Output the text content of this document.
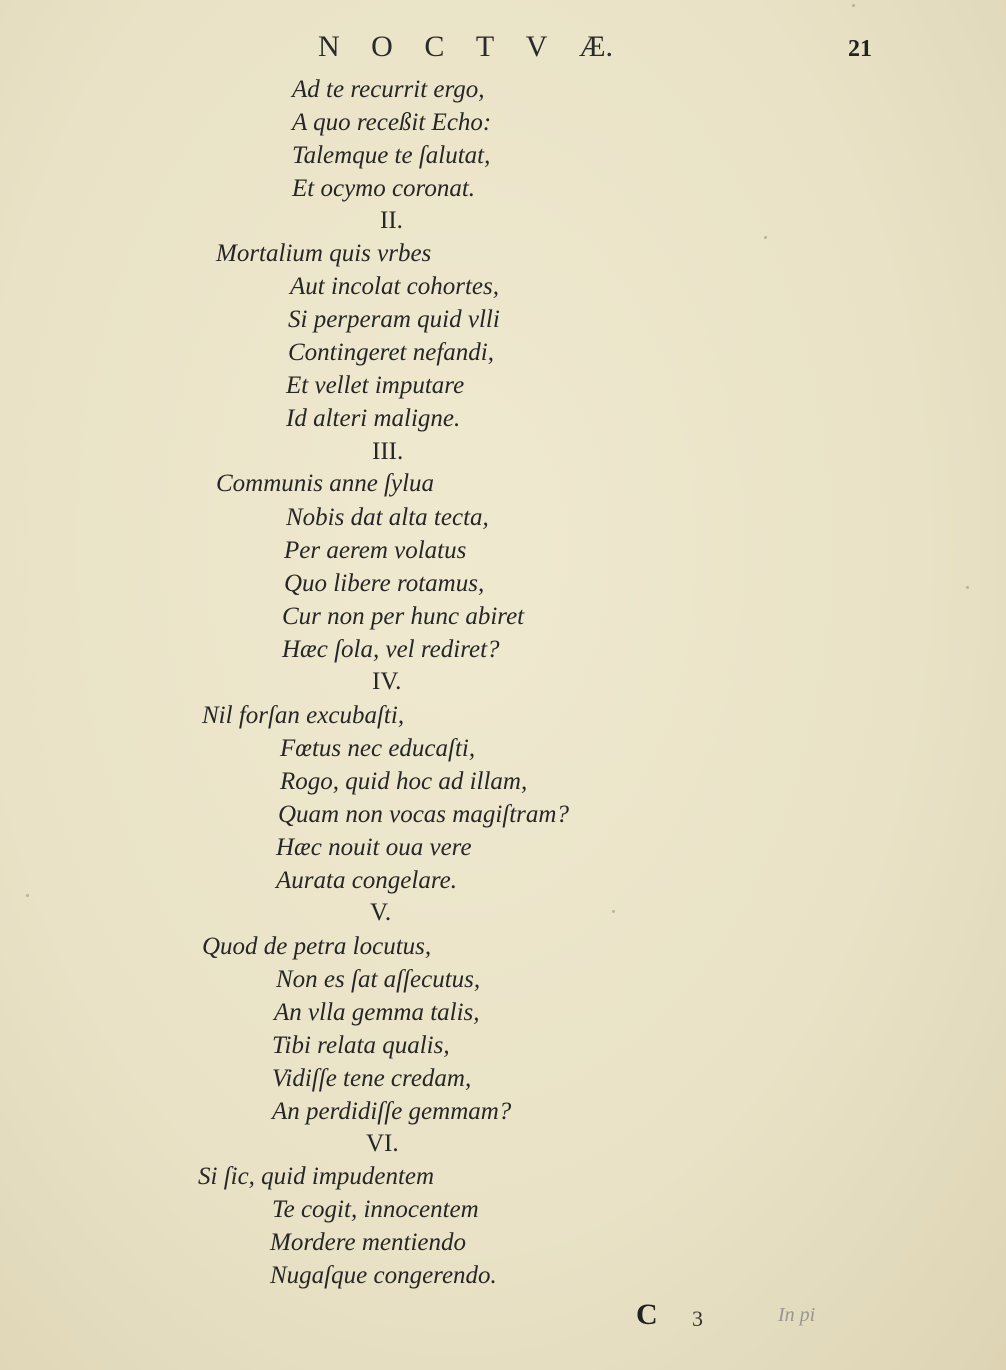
N O C T V Æ.	21
Ad te recurrit ergo,
A quo receßit Echo:
Talemque te ſalutat,
Et ocymo coronat.
II.
Mortalium quis vrbes
Aut incolat cohortes,
Si perperam quid vlli
Contingeret nefandi,
Et vellet imputare
Id alteri maligne.
III.
Communis anne ſylua
Nobis dat alta tecta,
Per aerem volatus
Quo libere rotamus,
Cur non per hunc abiret
Hæc ſola, vel rediret?
IV.
Nil forſan excubaſti,
Fœtus nec educaſti,
Rogo, quid hoc ad illam,
Quam non vocas magiſtram?
Hæc nouit oua vere
Aurata congelare.
V.
Quod de petra locutus,
Non es ſat aſſecutus,
An vlla gemma talis,
Tibi relata qualis,
Vidiſſe tene credam,
An perdidiſſe gemmam?
VI.
Si ſic, quid impudentem
Te cogit, innocentem
Mordere mentiendo
Nugaſque congerendo.
C 3	In pi
